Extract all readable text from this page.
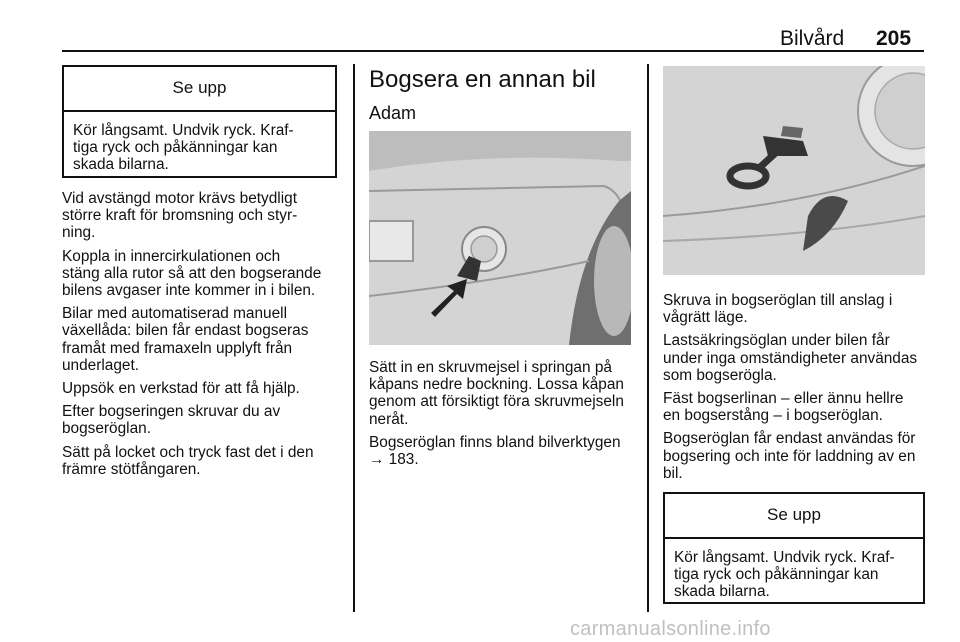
Bilvård 205
Se upp
Kör långsamt. Undvik ryck. Kraf-
tiga ryck och påkänningar kan
skada bilarna.

Vid avstängd motor krävs betydligt
större kraft för bromsning och styr-
ning.

Koppla in innercirkulationen och
stäng alla rutor så att den bogserande
bilens avgaser inte kommer in i bilen.

Bilar med automatiserad manuell
växellåda: bilen får endast bogseras
framåt med framaxeln upplyft från
underlaget.

Uppsök en verkstad för att få hjälp.

Efter bogseringen skruvar du av
bogseröglan.

Sätt på locket och tryck fast det i den
främre stötfångaren.

Bogsera en annan bil
Adam

Sätt in en skruvmejsel i springan på
kåpans nedre bockning. Lossa kåpan
genom att försiktigt föra skruvmejseln
neråt.

Bogseröglan finns bland bilverktygen
→ 183.

Skruva in bogseröglan till anslag i
vågrätt läge.

Lastsäkringsöglan under bilen får
under inga omständigheter användas
som bogserögla.

Fäst bogserlinan – eller ännu hellre
en bogserstång – i bogseröglan.

Bogseröglan får endast användas för
bogsering och inte för laddning av en
bil.

Se upp
Kör långsamt. Undvik ryck. Kraf-
tiga ryck och påkänningar kan
skada bilarna.
carmanualsonline.info
